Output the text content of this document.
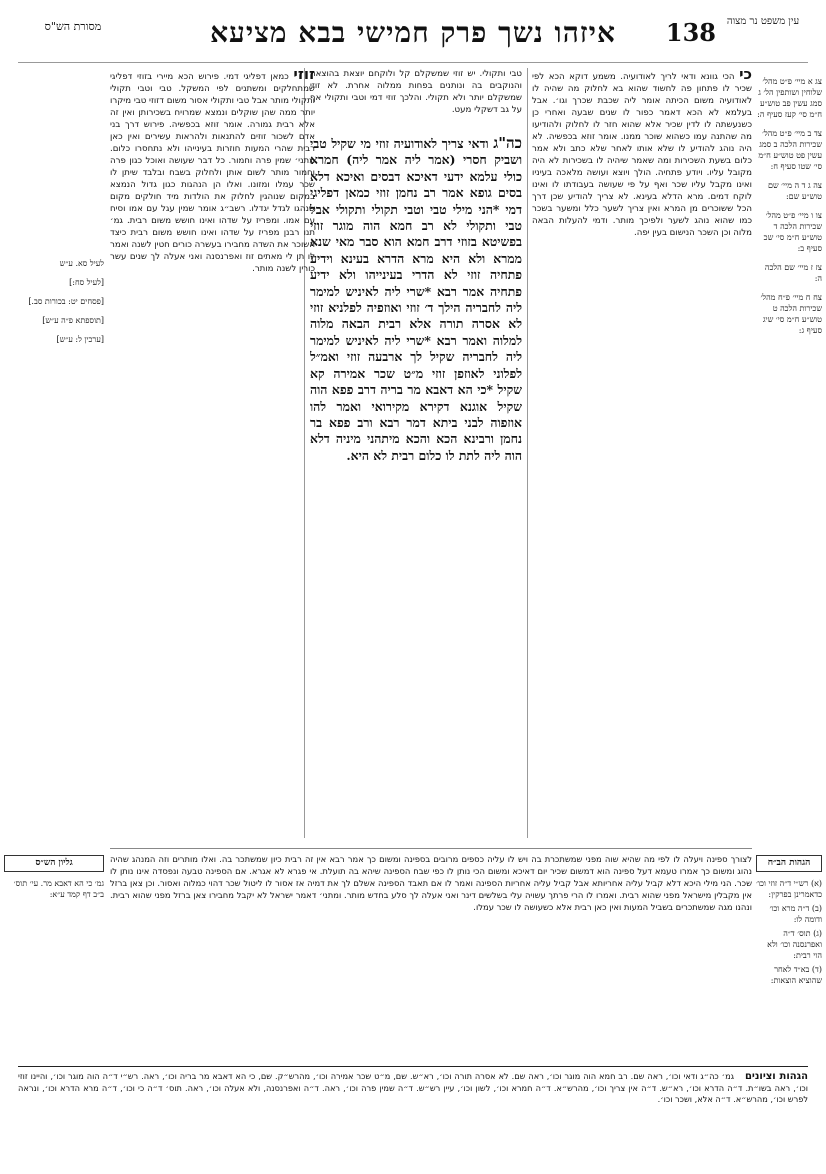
עין משפט נר מצוה
138
איזהו נשך פרק חמישי בבא מציעא
מסורת הש"ס

צג א מיי׳ פ״ט מהל׳ שלוחין ושותפין הל׳ ג סמג עשין פב טוש״ע ח״מ סי׳ קעז סעיף ה:

צד ב מיי׳ פ״ט מהל׳ שכירות הלכה ב סמג עשין פט טוש״ע ח״מ סי׳ שטו סעיף ח:

צה ג ד ה מיי׳ שם טוש״ע שם:

צו ו מיי׳ פ״ט מהל׳ שכירות הלכה ד טוש״ע ח״מ סי׳ שכ סעיף ב:

צז ז מיי׳ שם הלכה ה:

צח ח מיי׳ פ״ח מהל׳ שכירות הלכה ט טוש״ע ח״מ סי׳ שיג סעיף ג:

כי הכי גוונא ודאי לריך לאודועיה. משמע דוקא הכא לפי שכיר לו פתחון פה לחשוד שהוא בא לחלוק מה שהיה לו לאודועיה משום הכיתה אומר ליה שכבת שכרך וגו׳. אבל בעלמא לא הכא דאמר כפור לו שנים שבעה ואחרי כן כשנעשתה לו לדין שכיר אלא שהוא חזר לו לחלוק ולהודיעו מה שהתנה עמו כשהוא שוכר ממנו. אומר זוזא בכפשיה. לא היה נוהג להודיע לו שלא אותו לאחר שלא כתב ולא אמר כלום בשעת השכירות ומה שאמר שיהיה לו בשכירות לא היה מקובל עליו. ויודע פתחיה. הולך ויוצא ועושה מלאכה בעיניו ואינו מקבל עליו שכר ואף על פי שעושה בעבודתו לו ואינו לוקח דמים. מרא הדלא בעינא. לא צריך להודיע שכן דרך הכל ששוכרים מן המרא ואין צריך לשער כלל ומשער בשכר כמו שהוא נוהג לשער ולפיכך מותר. ודמי להעלות הבאה מלוה וכן השכר הנישום בעין יפה.
טבי ותקולי. יש זוזי שמשקלם קל ולוקחם יוצאת בהוצאה והנוקבים בה ונותנים בפחות ממלוה אחרת. לא זוזי שמשקלם יותר ולא תקולי. והלכך זוזי דמי וטבי ותקולי אף על גב דשקלי מעט.
כה"ג ודאי צריך לאודועיה זוזי מי שקיל טבי ושביק חסרי (אמר ליה אמר ליה) חמרא כולי עלמא ידעי דאיכא דבסים ואיכא דלא בסים גופא אמר רב נחמן זוזי כמאן דפליגי דמי *הני מילי טבי וטבי תקולי ותקולי אבל טבי ותקולי לא רב חמא הוה מוגר זוזי בפשיטא בזוזי דרב חמא הוא סבר מאי שנא ממרא ולא היא מרא הדרא בעינא וידיע פתחיה זוזי לא הדרי בעינייהו ולא ידיע פתחיה אמר רבא *שרי ליה לאיניש למימר ליה לחבריה הילך ד׳ זוזי ואוזפיה לפלניא זוזי לא אסרה תורה אלא רבית הבאה מלוה למלוה ואמר רבא *שרי ליה לאיניש למימר ליה לחבריה שקיל לך ארבעה זוזי ואמ״ל לפלוני לאוזפן זוזי מ״ט שכר אמירה קא שקיל *כי הא דאבא מר בריה דרב פפא הוה שקיל אוגנא דקירא מקירואי ואמר להו אוזפוה לבני ביתא דמר רבא ורב פפא בר נחמן ורבינא הכא והכא מיתהני מיניה דלא הוה ליה לתת לו כלום רבית לא היא.
זוזי כמאן דפליגי דמי. פירוש הכא מיירי בזוזי דפליגי שמתחלקים ומשתנים לפי המשקל. טבי וטבי תקולי ותקולי מותר אבל טבי ותקולי אסור משום דזוזי טבי מיקרו יותר ממה שהן שוקלים ונמצא שמרויח בשכירותן ואין זה אלא רבית גמורה. אומר זוזא בכפשיה. פירוש דרך בני אדם לשכור זוזים להתנאות ולהראות עשירים ואין כאן רבית שהרי המעות חוזרות בעינייהו ולא נתחסרו כלום. מתני׳ שמין פרה וחמור. כל דבר שעושה ואוכל כגון פרה וחמור מותר לשום אותן ולחלוק בשבח ובלבד שיתן לו שכר עמלו ומזונו. ואלו הן הנהגות כגון גדול הנמצא במקום שנוהגין לחלוק את הולדות מיד חולקים מקום שנהגו לגדל יגדלו. רשב״ג אומר שמין עגל עם אמו וסיח עם אמו. ומפריז על שדהו ואינו חושש משום רבית. גמ׳ תנו רבנן מפריז על שדהו ואינו חושש משום רבית כיצד השוכר את השדה מחבירו בעשרה כורים חטין לשנה ואמר לו תן לי מאתים זוז ואפרנסנה ואני אעלה לך שנים עשר כורין לשנה מותר.

לעיל סא. ע״ש

[לעיל סח:]

[פסחים יט: בכורות סב.]

[תוספתא פ״ה ע״ש]

[ערכין ל: ע״ש]

גליון הש״ס
גמ׳ כי הא דאבא מר. עי׳ תוס׳ ב״ב דף קמד ע״א:
לצורך ספינה ויעלה לו לפי מה שהיא שוה מפני שמשתכרת בה ויש לו עליה כספים מרובים בספינה ומשום כך אמר רבא אין זה רבית כיון שמשתכר בה. ואלו מותרים וזה המנהג שהיה נהוג ומשום כך אמרו טעמא דעל ספינה הוא דמשום שכיר יום דאיכא ומשום הכי נותן לו כפי שבח הספינה שיהא בה תועלת. אי פגרא לא אגרא. אם הספינה טבעה ונפסדה אינו נותן לו שכר. הני מילי היכא דלא קביל עליה אחריותא אבל קביל עליה אחריות הספינה ואמר לו אם תאבד הספינה אשלם לך את דמיה אז אסור לו ליטול שכר דהוי כמלוה ואסור. וכן צאן ברזל אין מקבלין מישראל מפני שהוא רבית. ואמרו לו הרי פרתך עשויה עלי בשלשים דינר ואני אעלה לך סלע בחדש מותר. ומתני׳ דאמר ישראל לא יקבל מחבירו צאן ברזל מפני שהוא רבית. ונהנו מגה שמשתכרים בשביל המעות ואין כאן רבית אלא כשעושה לו שכר עמלו.
הגהות הב״ח

(א) רש״י ד״ה זוזי וכו׳ כדאמרינן בפרקין:

(ב) ד״ה מרא וכו׳ ודומה לו:

(ג) תוס׳ ד״ה ואפרנסנה וכו׳ ולא הוי רבית:

(ד) בא״ד לאחר שהוציא הוצאות:

הגהות וציונים גמ׳ כה״ג ודאי וכו׳, ראה שם. רב חמא הוה מוגר וכו׳, ראה שם. לא אסרה תורה וכו׳, רא״ש. שם, מ״ט שכר אמירה וכו׳, מהרש״ק. שם, כי הא דאבא מר בריה וכו׳, ראה. רש״י ד״ה הוה מוגר וכו׳, והיינו זוזי וכו׳, ראה בשו״ת. ד״ה הדרא וכו׳, רא״ש. ד״ה אין צריך וכו׳, מהרש״א. ד״ה חמרא וכו׳, לשון וכו׳, עיין רש״ש. ד״ה שמין פרה וכו׳, ראה. ד״ה ואפרנסנה, ולא אעלה וכו׳, ראה. תוס׳ ד״ה כי וכו׳, ד״ה מרא הדרא וכו׳, ונראה לפרש וכו׳, מהרש״א. ד״ה אלא, ושכר וכו׳.
